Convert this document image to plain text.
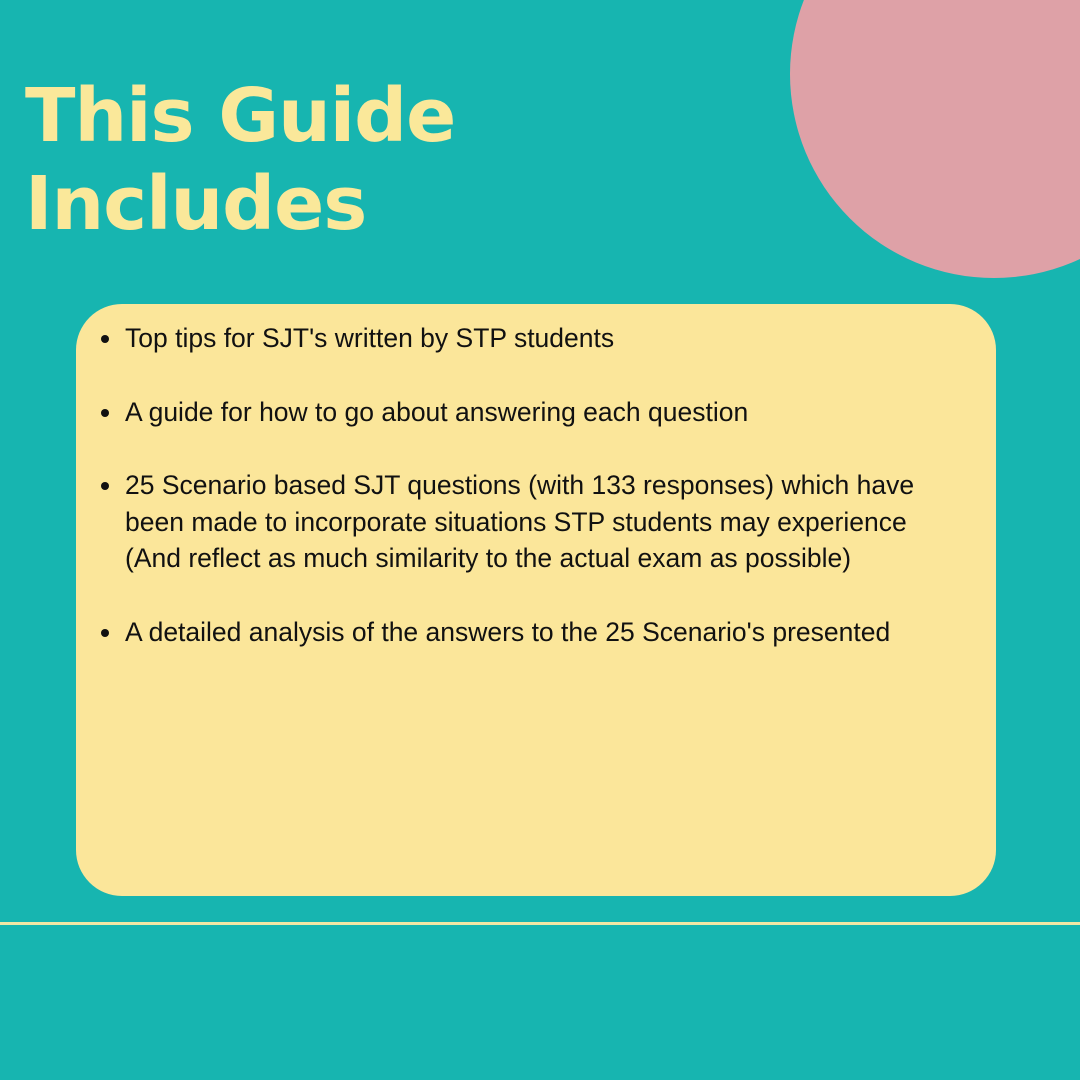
This Guide
Includes
Top tips for SJT's written by STP students
A guide for how to go about answering each question
25 Scenario based SJT questions (with 133 responses) which have been made to incorporate situations STP students may experience (And reflect as much similarity to the actual exam as possible)
A detailed analysis of the answers to the 25 Scenario's presented
